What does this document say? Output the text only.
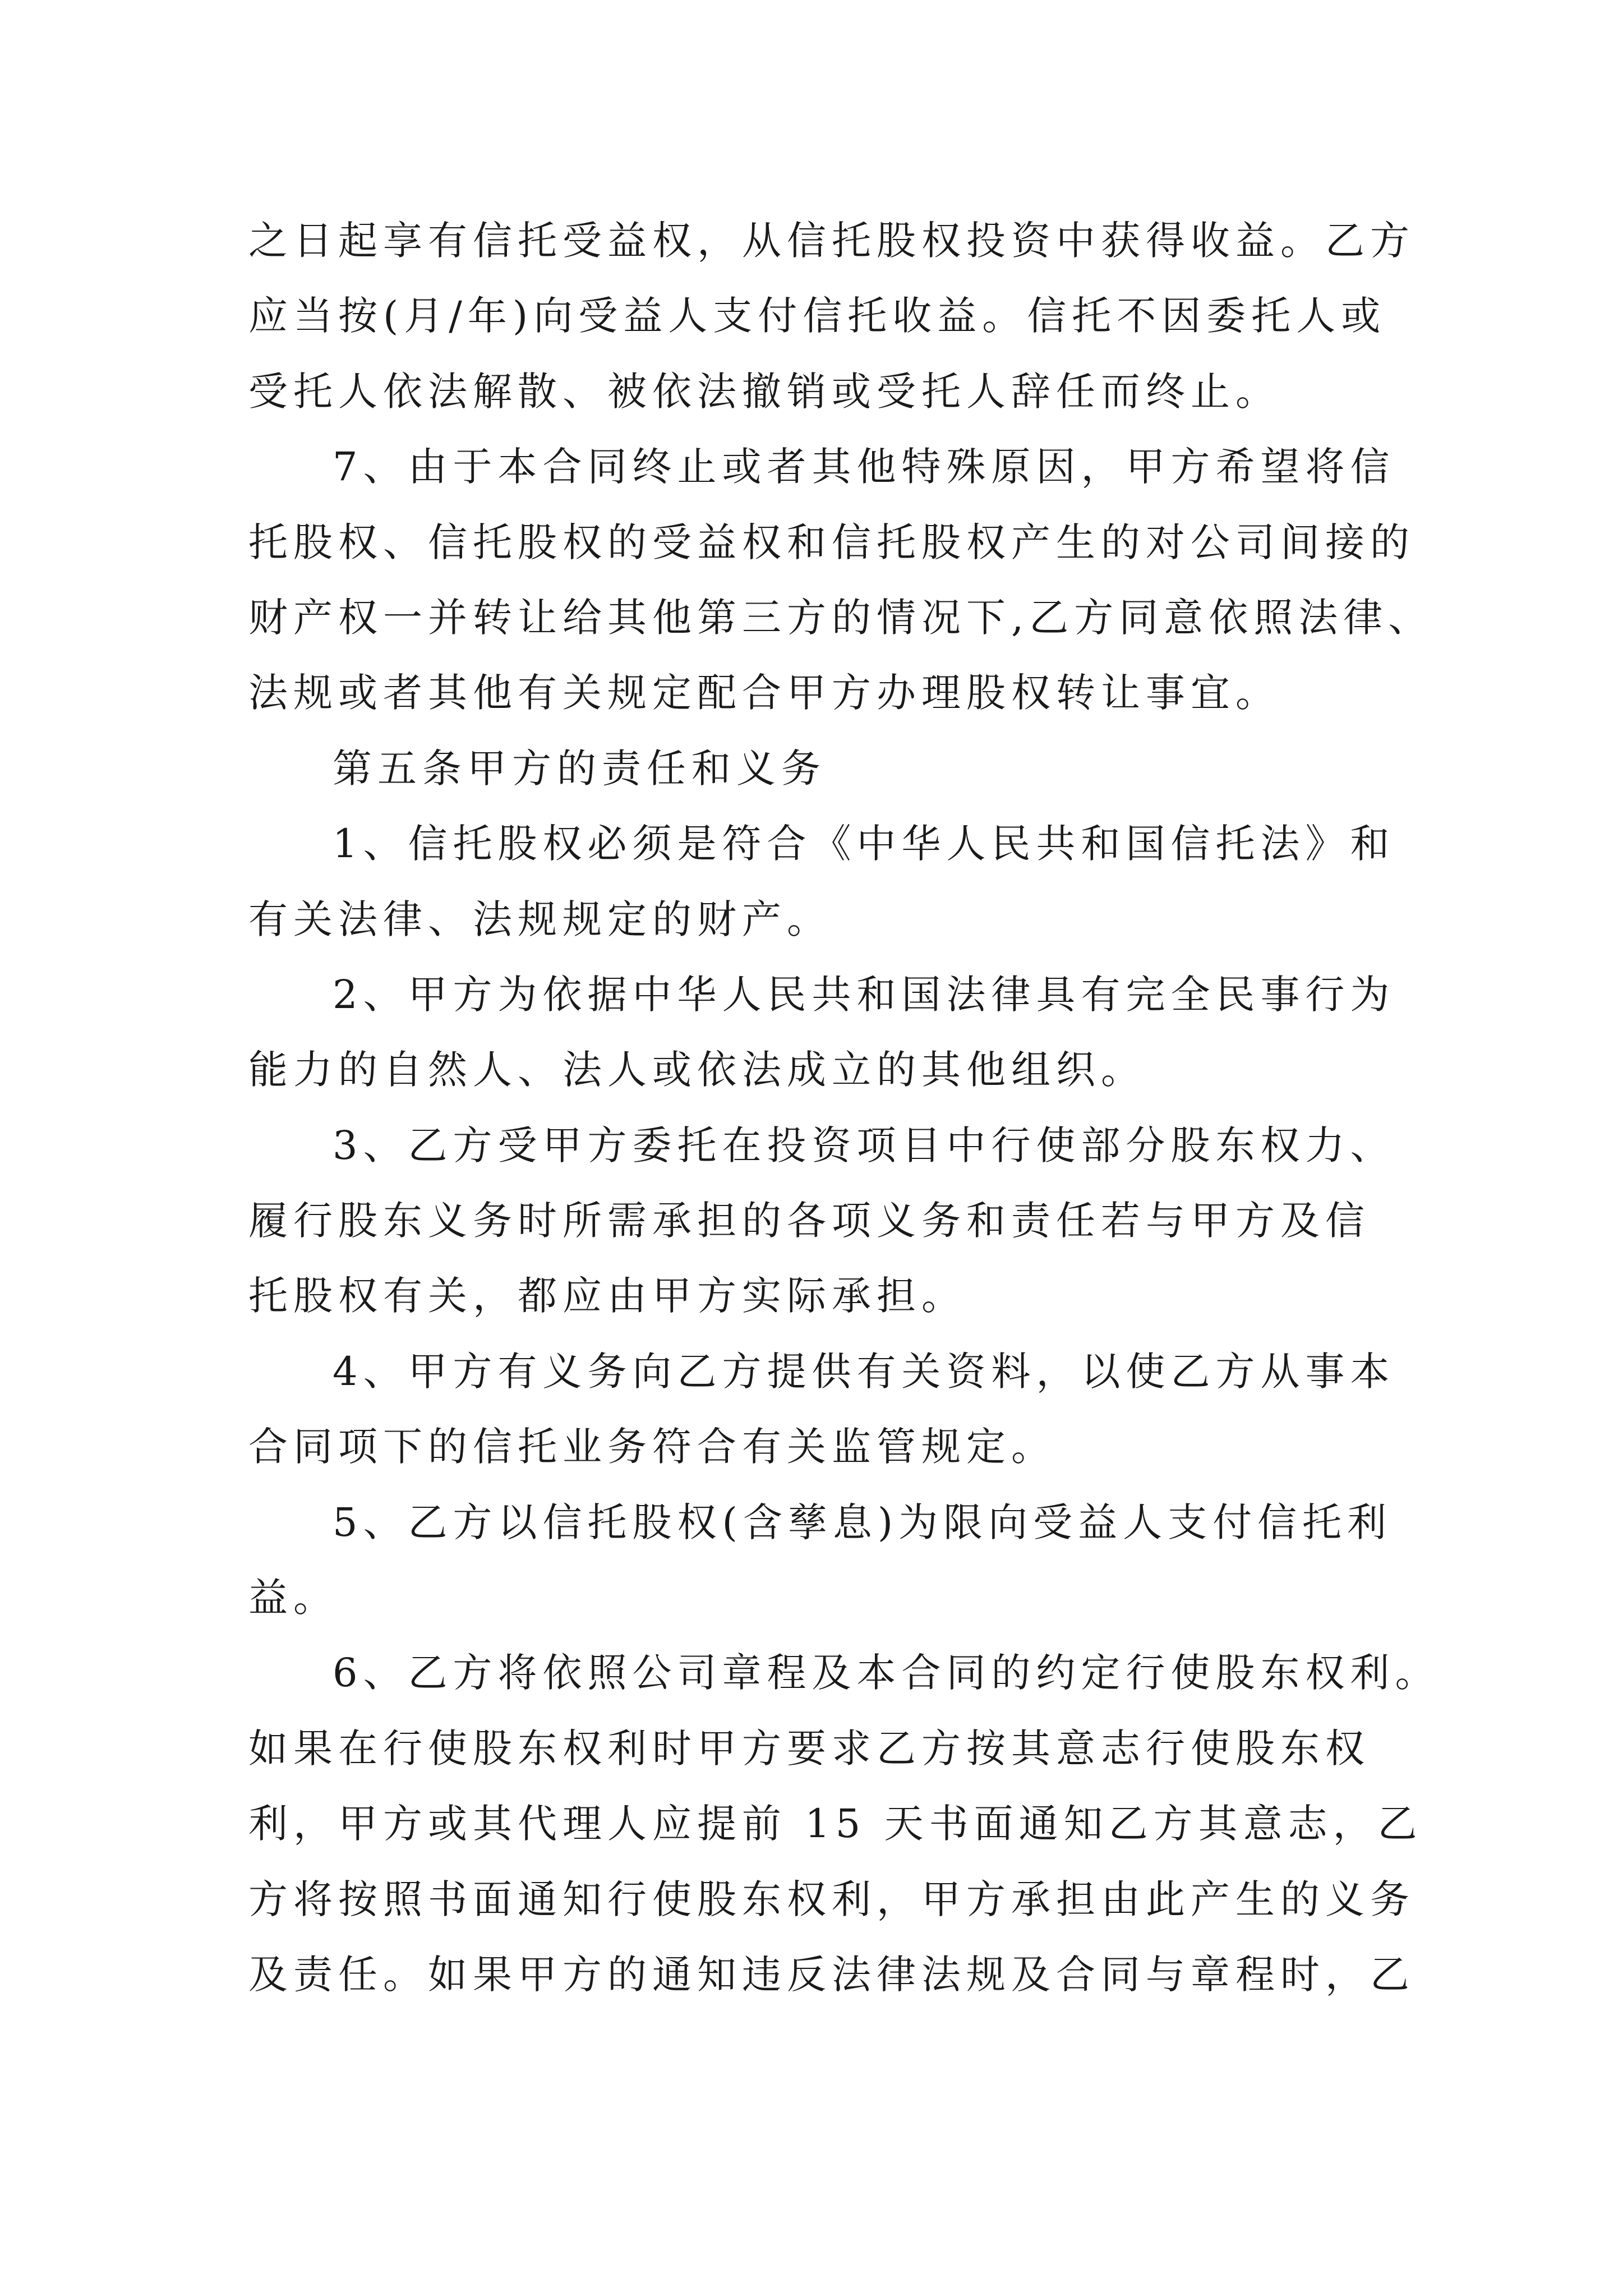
之日起享有信托受益权，从信托股权投资中获得收益。乙方
应当按(月/年)向受益人支付信托收益。信托不因委托人或
受托人依法解散、被依法撤销或受托人辞任而终止。
7、由于本合同终止或者其他特殊原因，甲方希望将信
托股权、信托股权的受益权和信托股权产生的对公司间接的
财产权一并转让给其他第三方的情况下,乙方同意依照法律、
法规或者其他有关规定配合甲方办理股权转让事宜。
第五条甲方的责任和义务
1、信托股权必须是符合《中华人民共和国信托法》和
有关法律、法规规定的财产。
2、甲方为依据中华人民共和国法律具有完全民事行为
能力的自然人、法人或依法成立的其他组织。
3、乙方受甲方委托在投资项目中行使部分股东权力、
履行股东义务时所需承担的各项义务和责任若与甲方及信
托股权有关，都应由甲方实际承担。
4、甲方有义务向乙方提供有关资料，以使乙方从事本
合同项下的信托业务符合有关监管规定。
5、乙方以信托股权(含孳息)为限向受益人支付信托利
益。
6、乙方将依照公司章程及本合同的约定行使股东权利。
如果在行使股东权利时甲方要求乙方按其意志行使股东权
利，甲方或其代理人应提前 15 天书面通知乙方其意志，乙
方将按照书面通知行使股东权利，甲方承担由此产生的义务
及责任。如果甲方的通知违反法律法规及合同与章程时，乙
